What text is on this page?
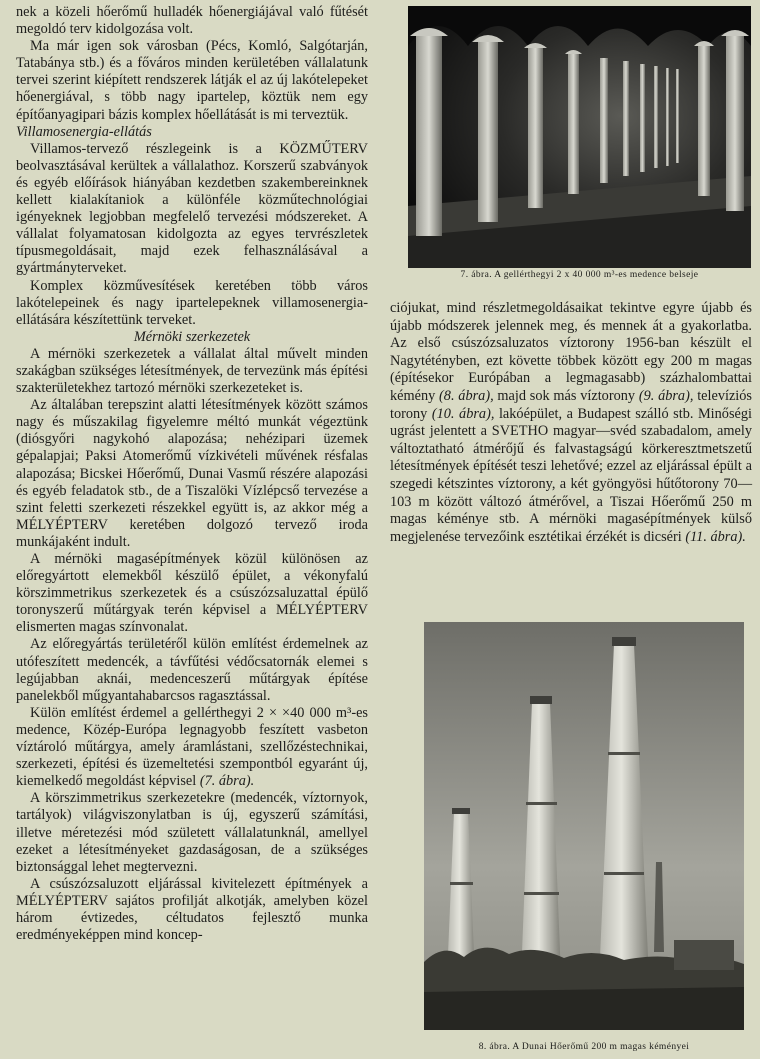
nek a közeli hőerőmű hulladék hőenergiájával való fűtését megoldó terv kidolgozása volt.

Ma már igen sok városban (Pécs, Komló, Salgótarján, Tatabánya stb.) és a főváros minden kerületében vállalatunk tervei szerint kiépített rendszerek látják el az új lakótelepeket hőenergiával, s több nagy ipartelep, köztük nem egy építőanyagipari bázis komplex hőellátását is mi terveztük.

Villamosenergia-ellátás

Villamos-tervező részlegeink is a KÖZMŰTERV beolvasztásával kerültek a vállalathoz. Korszerű szabványok és egyéb előírások hiányában kezdetben szakembereinknek kellett kialakítaniok a különféle közműtechnológiai igényeknek legjobban megfelelő tervezési módszereket. A vállalat folyamatosan kidolgozta az egyes tervrészletek típusmegoldásait, majd ezek felhasználásával a gyártmányterveket.

Komplex közművesítések keretében több város lakótelepeinek és nagy ipartelepeknek villamosenergia-ellátására készítettünk terveket.

Mérnöki szerkezetek

A mérnöki szerkezetek a vállalat által művelt minden szakágban szükséges létesítmények, de tervezünk más építési szakterületekhez tartozó mérnöki szerkezeteket is.

Az általában terepszint alatti létesítmények között számos nagy és műszakilag figyelemre méltó munkát végeztünk (diósgyőri nagykohó alapozása; nehézipari üzemek gépalapjai; Paksi Atomerőmű vízkivételi művének résfalas alapozása; Bicskei Hőerőmű, Dunai Vasmű részére alapozási és egyéb feladatok stb., de a Tiszalöki Vízlépcső tervezése a szint feletti szerkezeti részekkel együtt is, az akkor még a MÉLYÉPTERV keretében dolgozó tervező iroda munkájaként indult.

A mérnöki magasépítmények közül különösen az előregyártott elemekből készülő épület, a vékonyfalú körszimmetrikus szerkezetek és a csúszózsaluzattal épülő toronyszerű műtárgyak terén képvisel a MÉLYÉPTERV elismerten magas színvonalat.

Az előregyártás területéről külön említést érdemelnek az utófeszített medencék, a távfűtési védőcsatornák elemei s legújabban aknái, medenceszerű műtárgyak építése panelekből műgyantahabarcsos ragasztással.

Külön említést érdemel a gellérthegyi 2 × ×40 000 m³-es medence, Közép-Európa legnagyobb feszített vasbeton víztároló műtárgya, amely áramlástani, szellőzéstechnikai, szerkezeti, építési és üzemeltetési szempontból egyaránt új, kiemelkedő megoldást képvisel (7. ábra).

A körszimmetrikus szerkezetekre (medencék, víztornyok, tartályok) világviszonylatban is új, egyszerű számítási, illetve méretezési mód született vállalatunknál, amellyel ezeket a létesítményeket gazdaságosan, de a szükséges biztonsággal lehet megtervezni.

A csúszózsaluzott eljárással kivitelezett építmények a MÉLYÉPTERV sajátos profilját alkotják, amelyben közel három évtizedes, céltudatos fejlesztő munka eredményeképpen mind koncep-

7. ábra. A gellérthegyi 2 x 40 000 m³-es medence belseje

ciójukat, mind részletmegoldásaikat tekintve egyre újabb és újabb módszerek jelennek meg, és mennek át a gyakorlatba. Az első csúszózsaluzatos víztorony 1956-ban készült el Nagytétényben, ezt követte többek között egy 200 m magas (építésekor Európában a legmagasabb) százhalombattai kémény (8. ábra), majd sok más víztorony (9. ábra), televíziós torony (10. ábra), lakóépület, a Budapest szálló stb. Minőségi ugrást jelentett a SVETHO magyar—svéd szabadalom, amely változtatható átmérőjű és falvastagságú körkeresztmetszetű létesítmények építését teszi lehetővé; ezzel az eljárással épült a szegedi kétszintes víztorony, a két gyöngyösi hűtőtorony 70—103 m között változó átmérővel, a Tiszai Hőerőmű 250 m magas kéménye stb. A mérnöki magasépítmények külső megjelenése tervezőink esztétikai érzékét is dicséri (11. ábra).

8. ábra. A Dunai Hőerőmű 200 m magas kéményei
